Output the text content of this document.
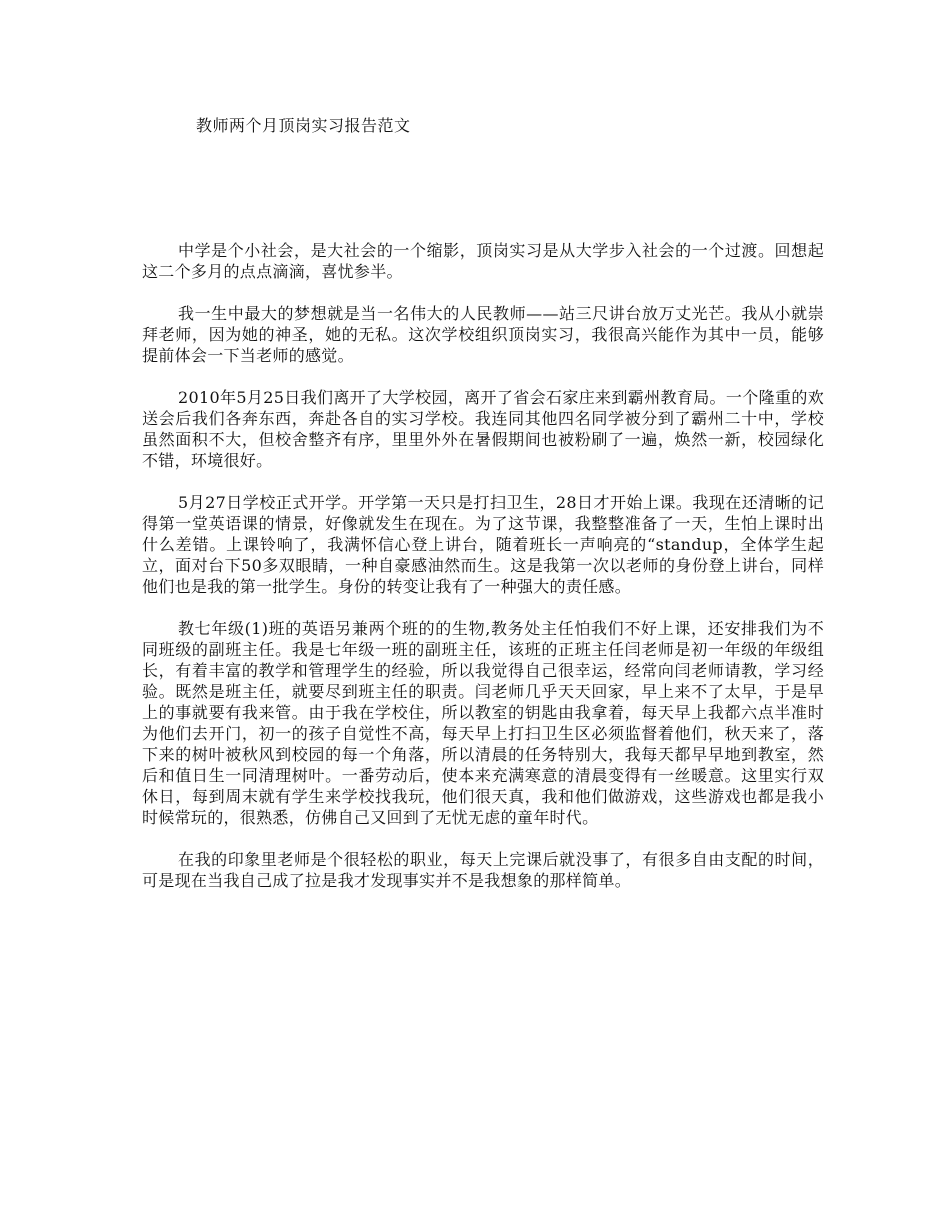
教师两个月顶岗实习报告范文

中学是个小社会，是大社会的一个缩影，顶岗实习是从大学步入社会的一个过渡。回想起这二个多月的点点滴滴，喜忧参半。

我一生中最大的梦想就是当一名伟大的人民教师——站三尺讲台放万丈光芒。我从小就崇拜老师，因为她的神圣，她的无私。这次学校组织顶岗实习，我很高兴能作为其中一员，能够提前体会一下当老师的感觉。

2010年5月25日我们离开了大学校园，离开了省会石家庄来到霸州教育局。一个隆重的欢送会后我们各奔东西，奔赴各自的实习学校。我连同其他四名同学被分到了霸州二十中，学校虽然面积不大，但校舍整齐有序，里里外外在暑假期间也被粉刷了一遍，焕然一新，校园绿化不错，环境很好。

5月27日学校正式开学。开学第一天只是打扫卫生，28日才开始上课。我现在还清晰的记得第一堂英语课的情景，好像就发生在现在。为了这节课，我整整准备了一天，生怕上课时出什么差错。上课铃响了，我满怀信心登上讲台，随着班长一声响亮的“standup，全体学生起立，面对台下50多双眼睛，一种自豪感油然而生。这是我第一次以老师的身份登上讲台，同样他们也是我的第一批学生。身份的转变让我有了一种强大的责任感。

教七年级(1)班的英语另兼两个班的的生物,教务处主任怕我们不好上课，还安排我们为不同班级的副班主任。我是七年级一班的副班主任，该班的正班主任闫老师是初一年级的年级组长，有着丰富的教学和管理学生的经验，所以我觉得自己很幸运，经常向闫老师请教，学习经验。既然是班主任，就要尽到班主任的职责。闫老师几乎天天回家，早上来不了太早，于是早上的事就要有我来管。由于我在学校住，所以教室的钥匙由我拿着，每天早上我都六点半准时为他们去开门，初一的孩子自觉性不高，每天早上打扫卫生区必须监督着他们，秋天来了，落下来的树叶被秋风到校园的每一个角落，所以清晨的任务特别大，我每天都早早地到教室，然后和值日生一同清理树叶。一番劳动后，使本来充满寒意的清晨变得有一丝暖意。这里实行双休日，每到周末就有学生来学校找我玩，他们很天真，我和他们做游戏，这些游戏也都是我小时候常玩的，很熟悉，仿佛自己又回到了无忧无虑的童年时代。

在我的印象里老师是个很轻松的职业，每天上完课后就没事了，有很多自由支配的时间，可是现在当我自己成了拉是我才发现事实并不是我想象的那样简单。
